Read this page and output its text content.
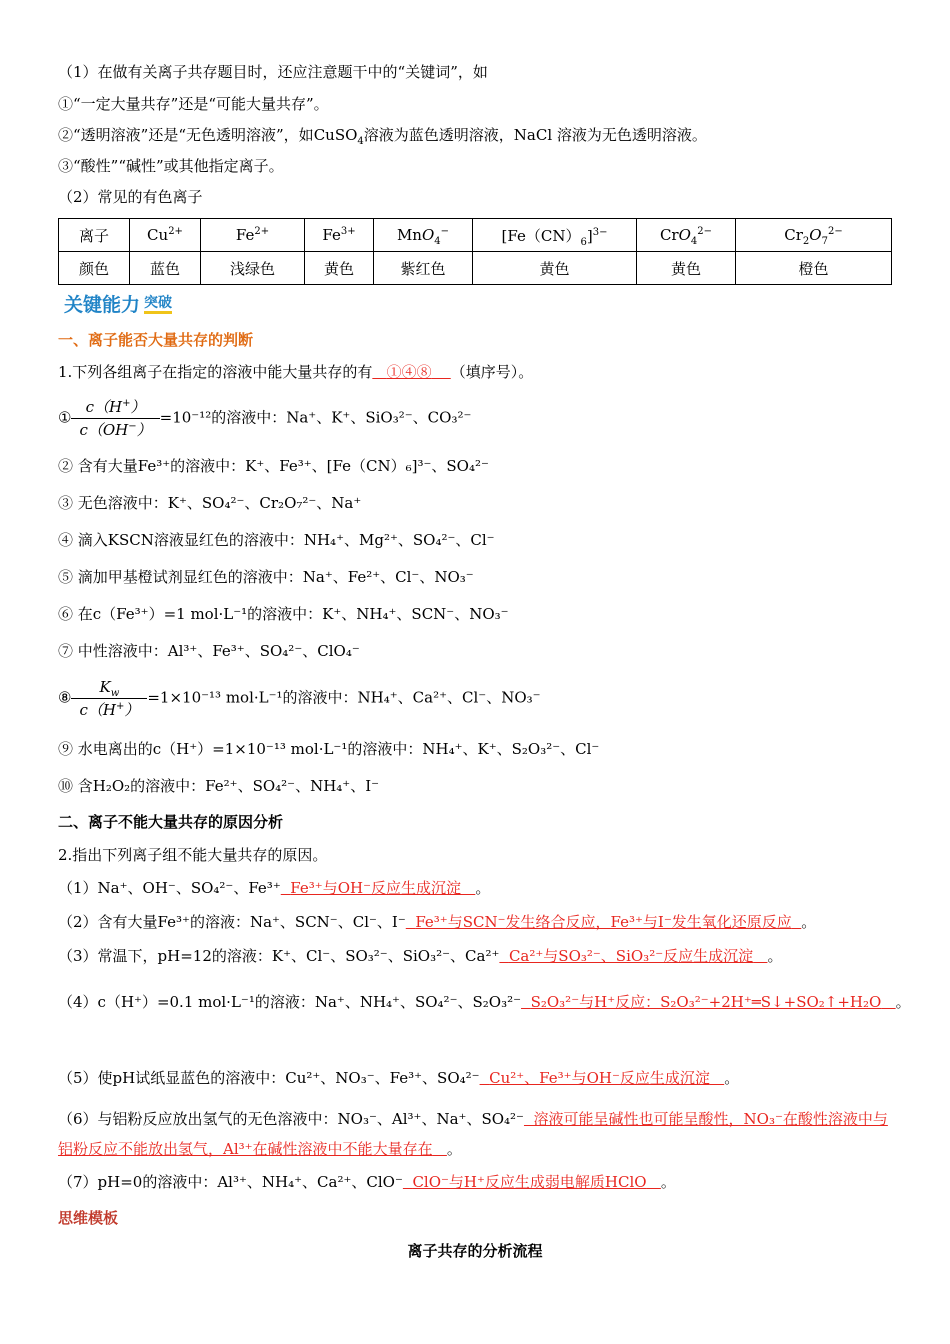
（1）在做有关离子共存题目时，还应注意题干中的“关键词”，如
①“一定大量共存”还是“可能大量共存”。
②“透明溶液”还是“无色透明溶液”，如CuSO$_4$溶液为蓝色透明溶液，NaCl 溶液为无色透明溶液。
③“酸性”“碱性”或其他指定离子。
（2）常见的有色离子
离子	$Cu^{2+}$	$Fe^{2+}$	$Fe^{3+}$	MnO$_4$−	$[Fe(CN)_6]^{3-}$	CrO$_4^{2-}$	$Cr_2O_7^{2-}$
颜色	蓝色	浅绿色	黄色	紫红色	黄色	黄色	橙色
关键能力 突破
一、离子能否大量共存的判断
1.下列各组离子在指定的溶液中能大量共存的有 ①④⑧ （填序号）。
① $\frac{c(H^+)}{c(OH^-)} =10^{-12}$的溶液中：Na⁺、K⁺、SiO₃²⁻、CO₃²⁻
② 含有大量Fe³⁺的溶液中：K⁺、Fe³⁺、[Fe（CN）₆]³⁻、SO₄²⁻
③ 无色溶液中：K⁺、SO₄²⁻、Cr₂O₇²⁻、Na⁺
④ 滴入KSCN溶液显红色的溶液中：NH₄⁺、Mg²⁺、SO₄²⁻、Cl⁻
⑤ 滴加甲基橙试剂显红色的溶液中：Na⁺、Fe²⁺、Cl⁻、NO₃⁻
⑥ 在c（Fe³⁺）=1 mol·L⁻¹的溶液中：K⁺、NH₄⁺、SCN⁻、NO₃⁻
⑦ 中性溶液中：Al³⁺、Fe³⁺、SO₄²⁻、ClO₄⁻
⑧ $\frac{K_w}{c(H^+)} =1\times 10^{-13}$ mol·L⁻¹的溶液中：NH₄⁺、Ca²⁺、Cl⁻、NO₃⁻
⑨ 水电离出的c（H⁺）=1×10⁻¹³ mol·L⁻¹的溶液中：NH₄⁺、K⁺、S₂O₃²⁻、Cl⁻
⑩ 含H₂O₂的溶液中：Fe²⁺、SO₄²⁻、NH₄⁺、I⁻
二、离子不能大量共存的原因分析
2.指出下列离子组不能大量共存的原因。
（1）Na⁺、OH⁻、SO₄²⁻、Fe³⁺ Fe³⁺与OH⁻反应生成沉淀 。
（2）含有大量Fe³⁺的溶液：Na⁺、SCN⁻、Cl⁻、I⁻ Fe³⁺与SCN⁻发生络合反应，Fe³⁺与I⁻发生氧化还原反应 。
（3）常温下，pH=12的溶液：K⁺、Cl⁻、SO₃²⁻、SiO₃²⁻、Ca²⁺ Ca²⁺与SO₃²⁻、SiO₃²⁻反应生成沉淀 。
（4）c（H⁺）=0.1 mol·L⁻¹的溶液：Na⁺、NH₄⁺、SO₄²⁻、S₂O₃²⁻ S₂O₃²⁻与H⁺反应：S₂O₃²⁻+2H⁺═S↓+SO₂↑+H₂O 。
（5）使pH试纸显蓝色的溶液中：Cu²⁺、NO₃⁻、Fe³⁺、SO₄²⁻ Cu²⁺、Fe³⁺与OH⁻反应生成沉淀 。
（6）与铝粉反应放出氢气的无色溶液中：NO₃⁻、Al³⁺、Na⁺、SO₄²⁻ 溶液可能呈碱性也可能呈酸性，NO₃⁻在酸性溶液中与铝粉反应不能放出氢气，Al³⁺在碱性溶液中不能大量存在 。
（7）pH=0的溶液中：Al³⁺、NH₄⁺、Ca²⁺、ClO⁻ ClO⁻与H⁺反应生成弱电解质HClO 。
思维模板
离子共存的分析流程
